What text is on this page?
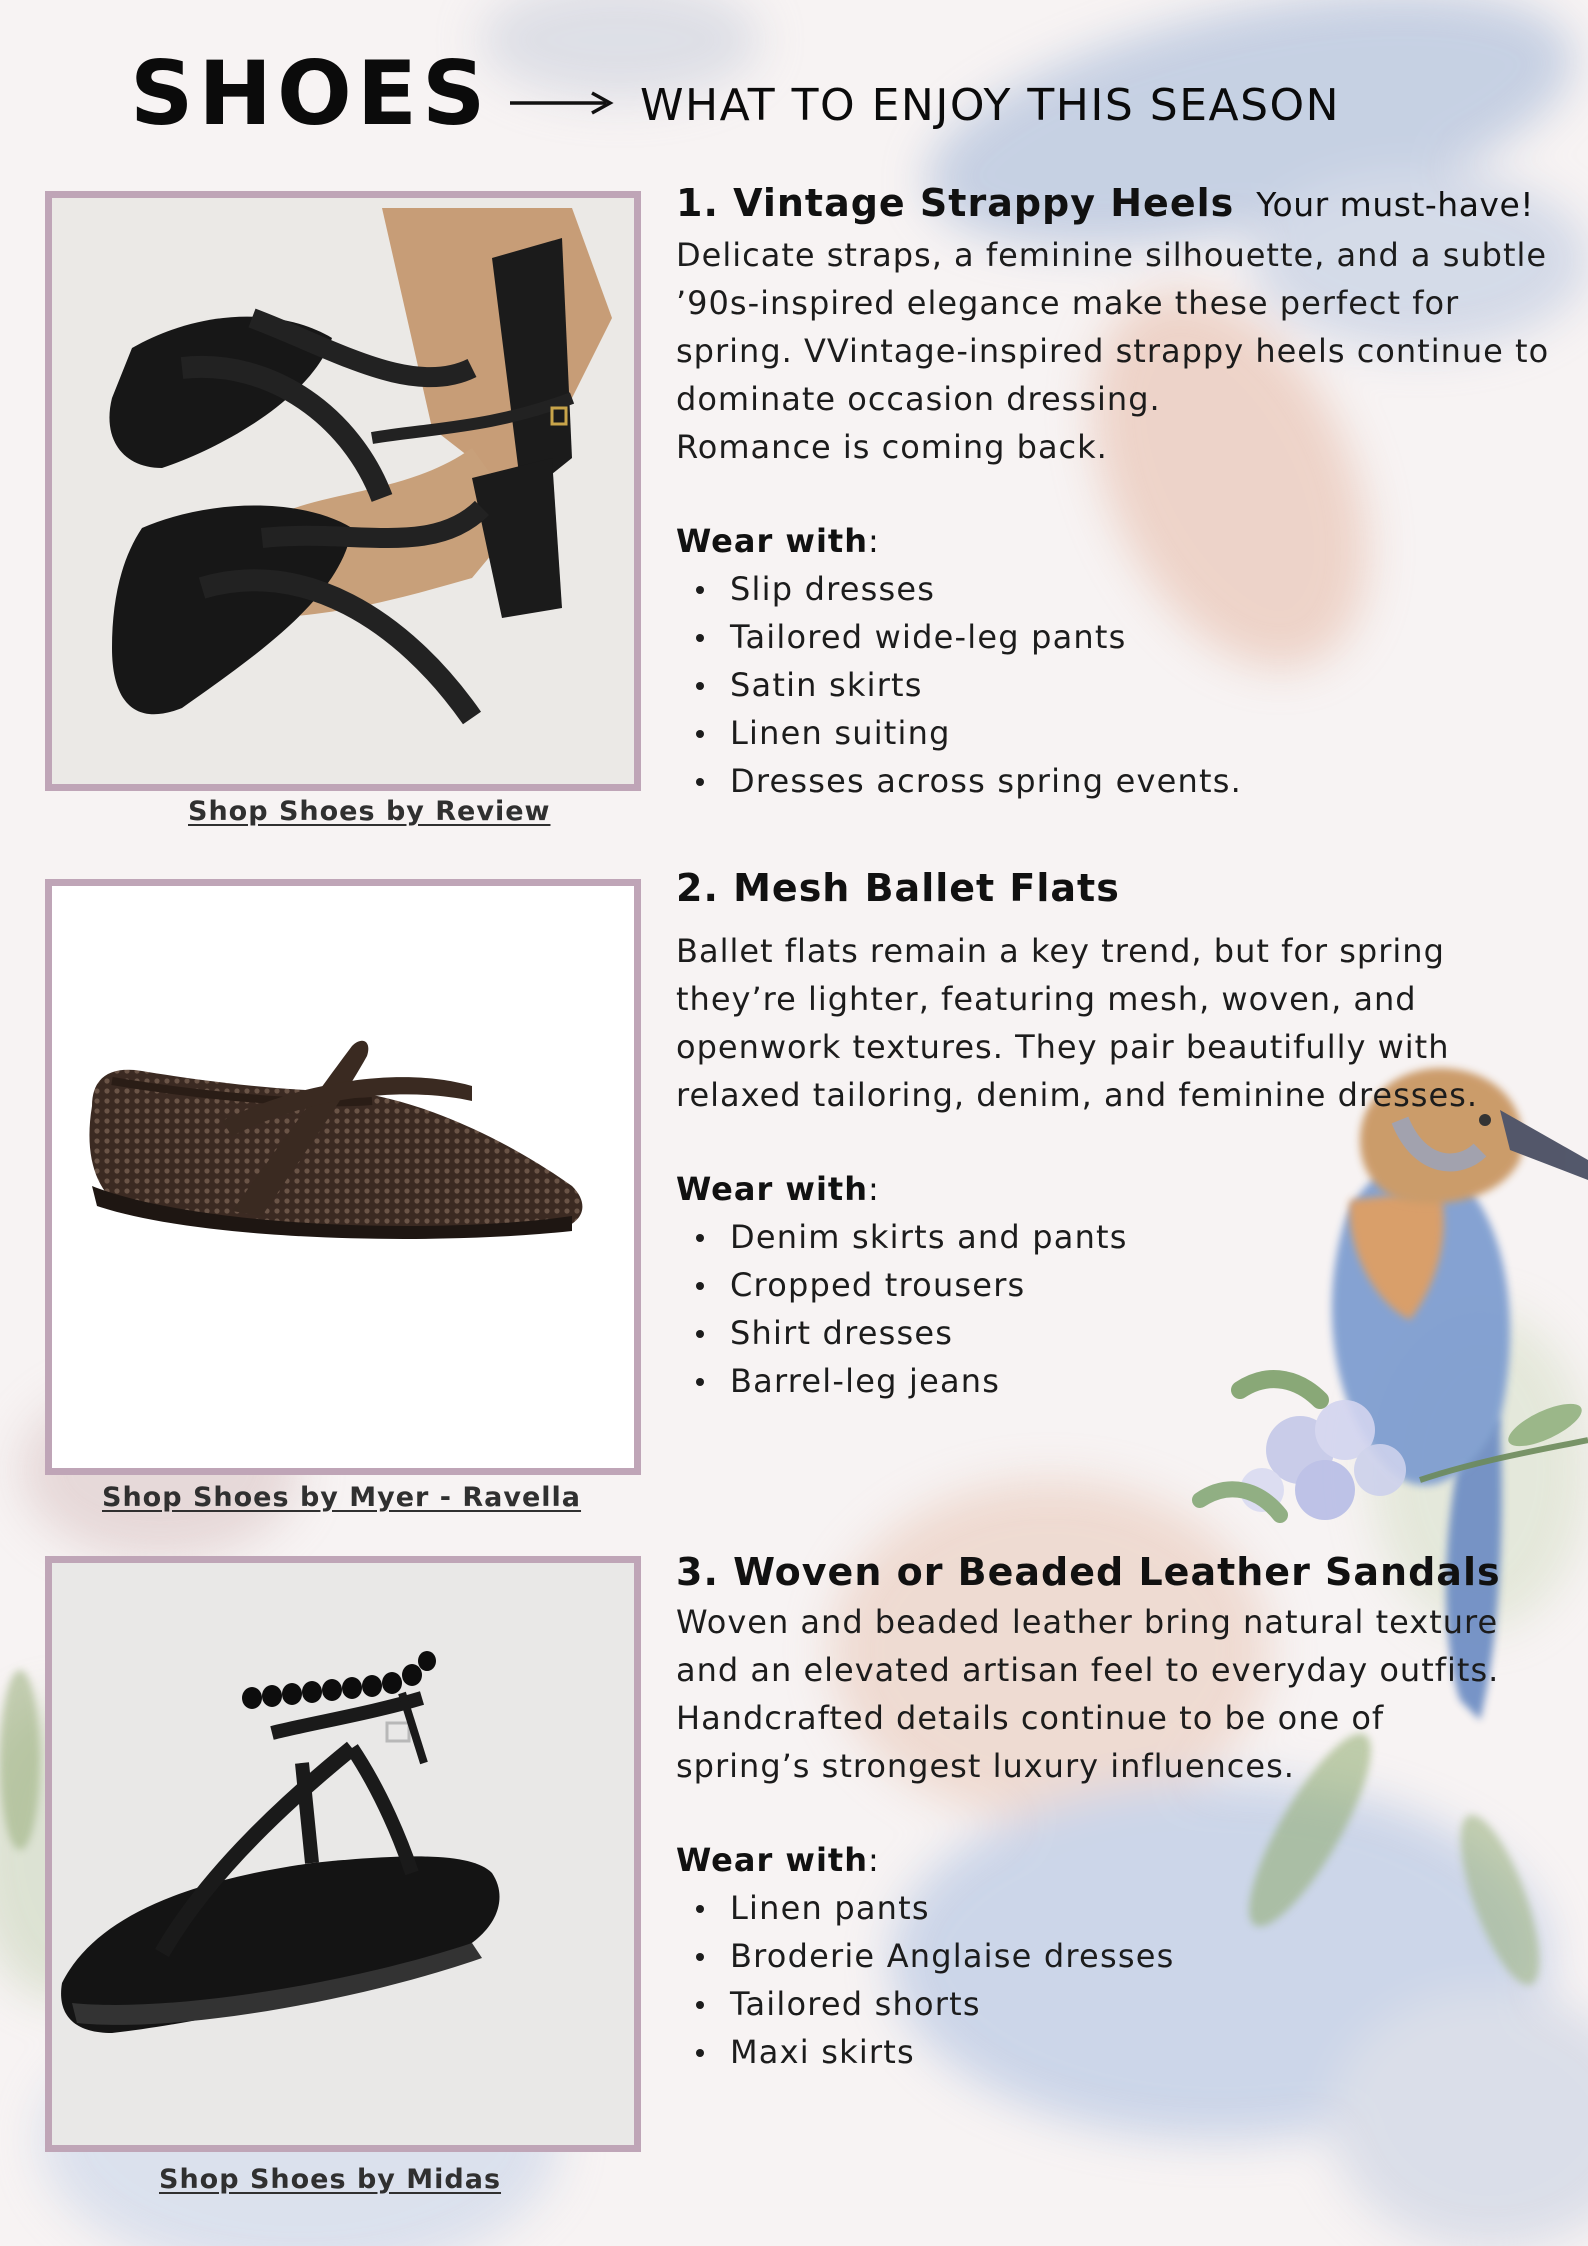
SHOES	WHAT TO ENJOY THIS SEASON
Shop Shoes by Review
Shop Shoes by Myer - Ravella
Shop Shoes by Midas
1. Vintage Strappy Heels Your must-have!

Delicate straps, a feminine silhouette, and a subtle

’90s-inspired elegance make these perfect for

spring. VVintage-inspired strappy heels continue to

dominate occasion dressing.

Romance is coming back.

Wear with:

Slip dresses
Tailored wide-leg pants
Satin skirts
Linen suiting
Dresses across spring events.
2. Mesh Ballet Flats

Ballet flats remain a key trend, but for spring

they’re lighter, featuring mesh, woven, and

openwork textures. They pair beautifully with

relaxed tailoring, denim, and feminine dresses.

Wear with:

Denim skirts and pants
Cropped trousers
Shirt dresses
Barrel-leg jeans
3. Woven or Beaded Leather Sandals

Woven and beaded leather bring natural texture

and an elevated artisan feel to everyday outfits.

Handcrafted details continue to be one of

spring’s strongest luxury influences.

Wear with:

Linen pants
Broderie Anglaise dresses
Tailored shorts
Maxi skirts
